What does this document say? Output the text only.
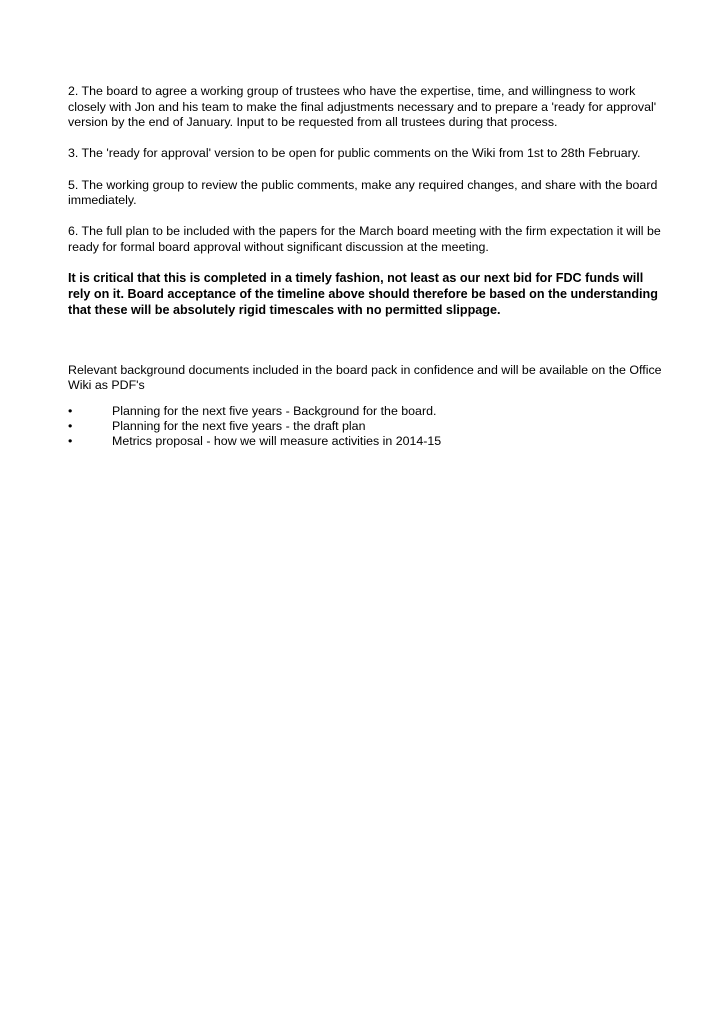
2. The board to agree a working group of trustees who have the expertise, time, and willingness to work closely with Jon and his team to make the final adjustments necessary and to prepare a 'ready for approval' version by the end of January. Input to be requested from all trustees during that process.

3. The 'ready for approval' version to be open for public comments on the Wiki from 1st to 28th February.

5. The working group to review the public comments, make any required changes, and share with the board immediately.

6. The full plan to be included with the papers for the March board meeting with the firm expectation it will be ready for formal board approval without significant discussion at the meeting.

It is critical that this is completed in a timely fashion, not least as our next bid for FDC funds will rely on it. Board acceptance of the timeline above should therefore be based on the understanding that these will be absolutely rigid timescales with no permitted slippage.

Relevant background documents included in the board pack in confidence and will be available on the Office Wiki as PDF's

•	Planning for the next five years - Background for the board.
•	Planning for the next five years - the draft plan
•	Metrics proposal - how we will measure activities in 2014-15
